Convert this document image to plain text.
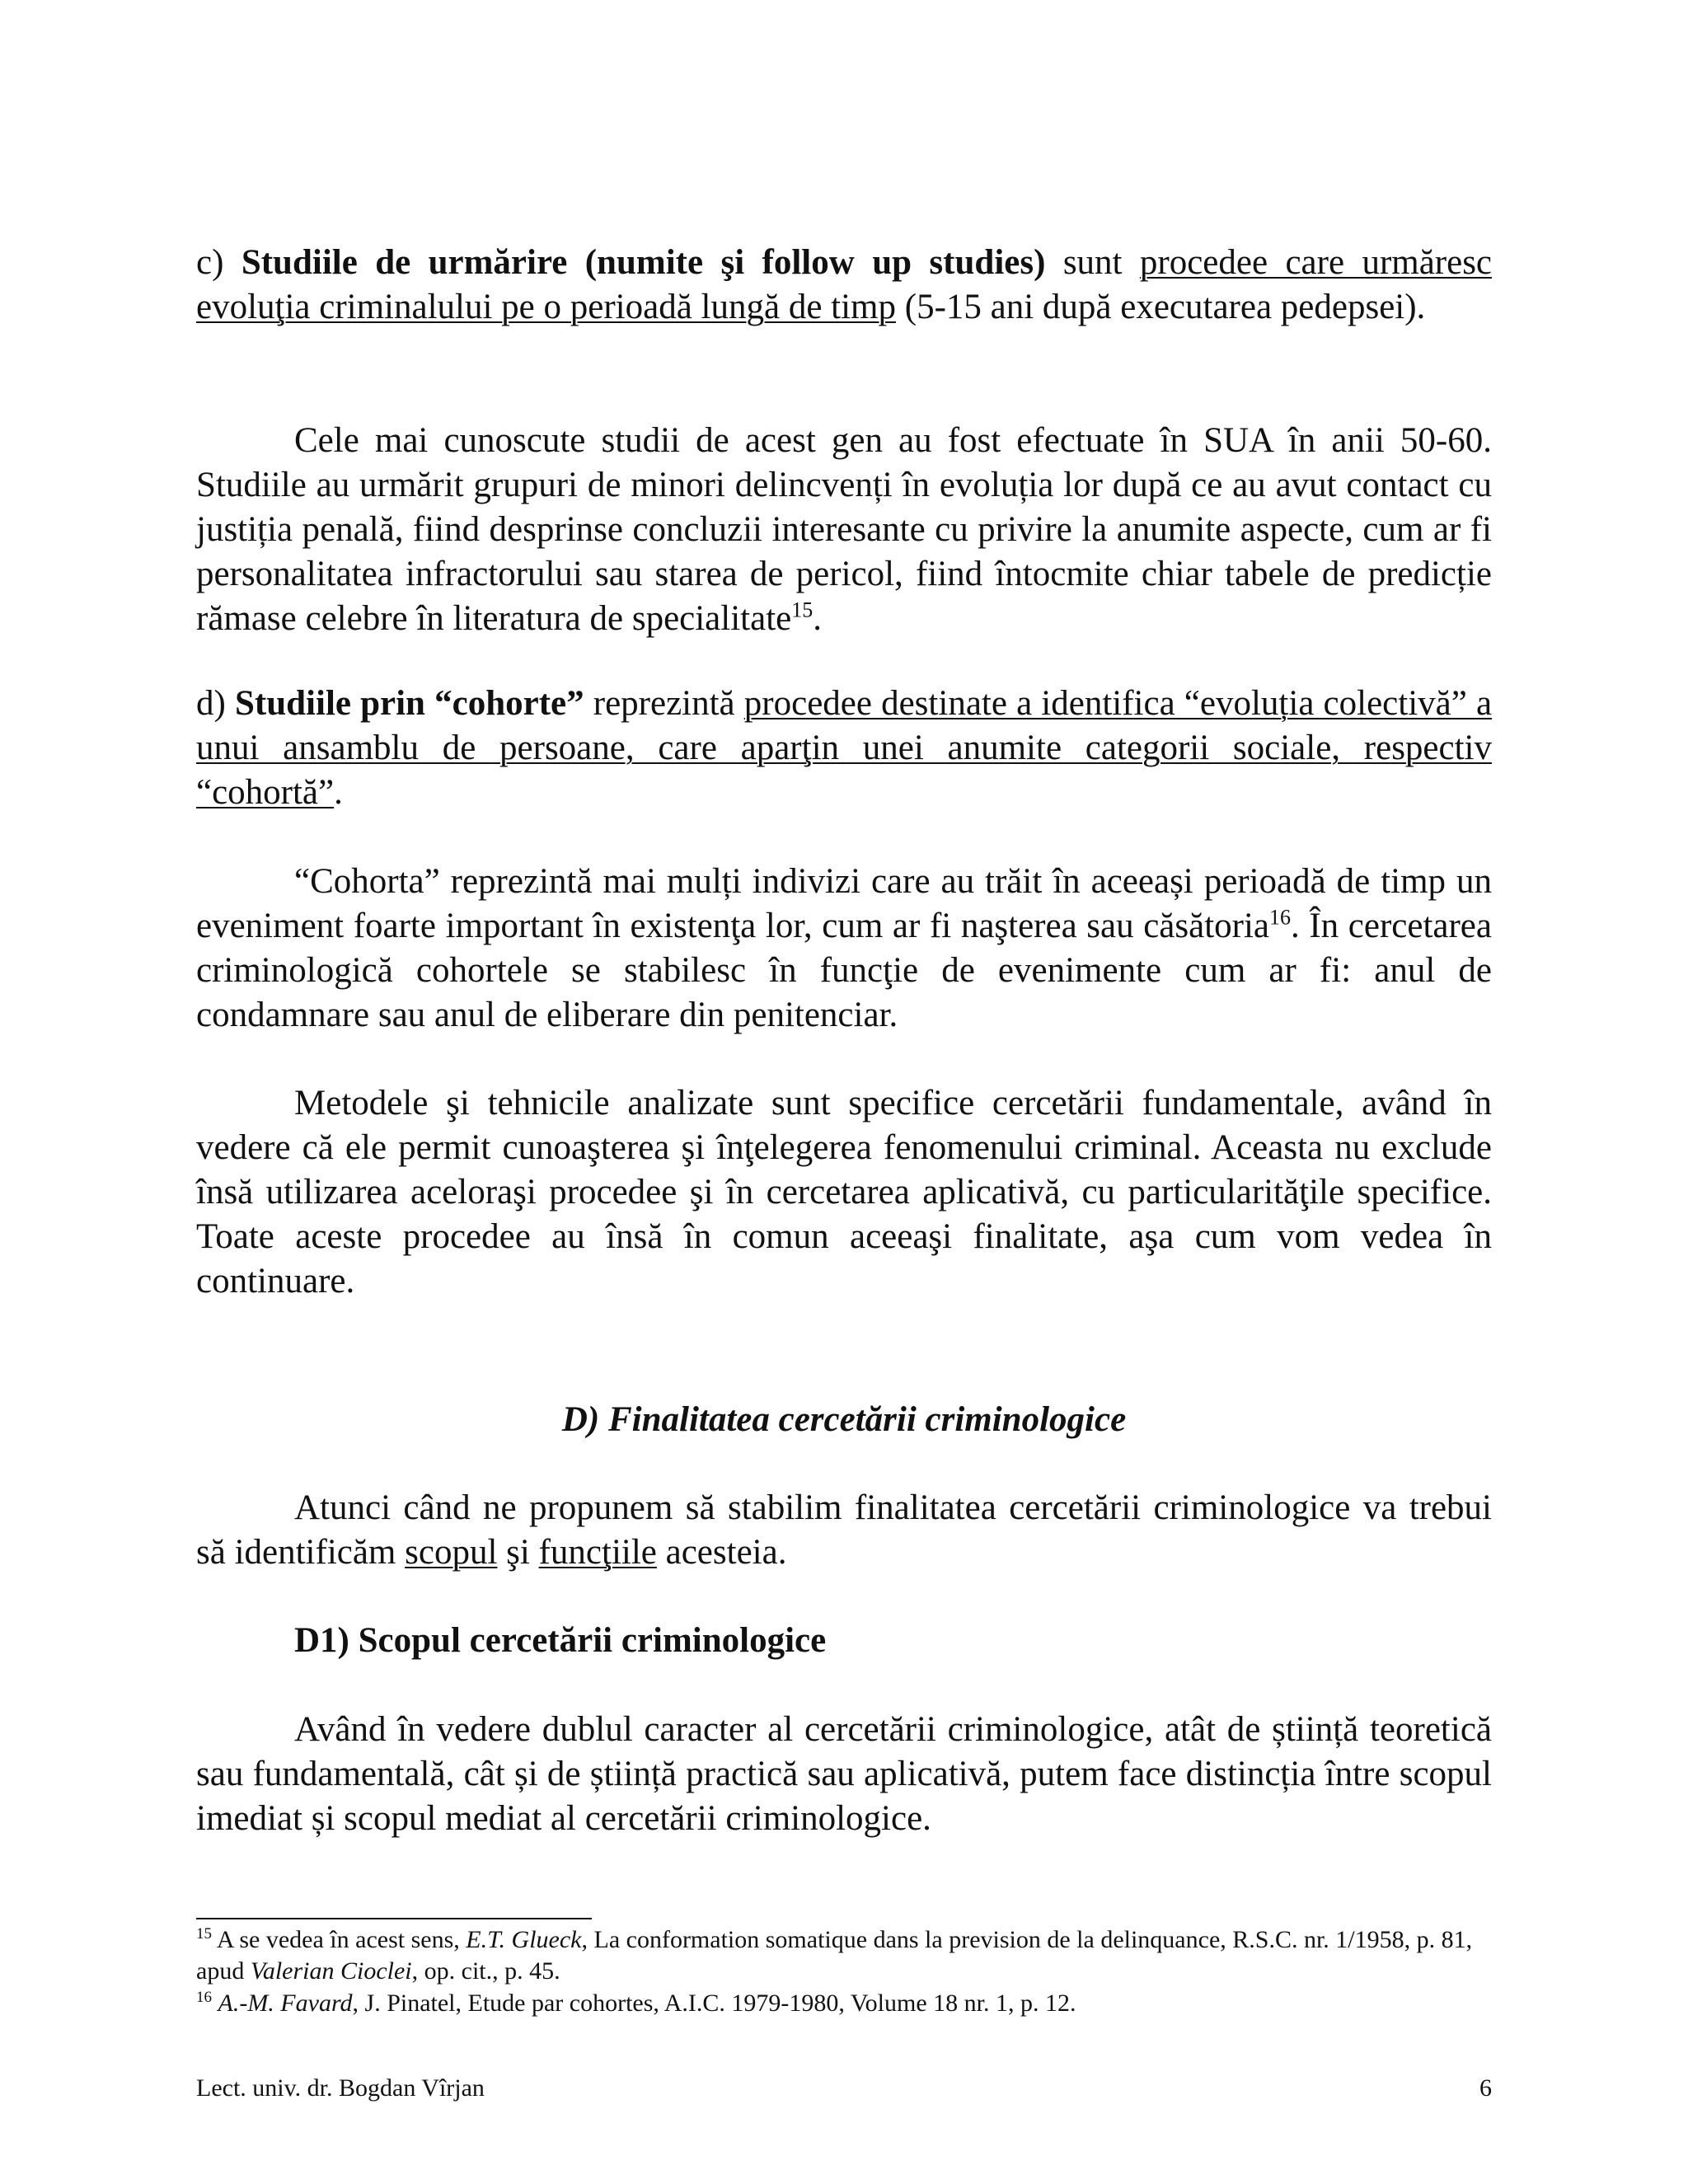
c) Studiile de urmărire (numite şi follow up studies) sunt procedee care urmăresc evoluţia criminalului pe o perioadă lungă de timp (5-15 ani după executarea pedepsei).

Cele mai cunoscute studii de acest gen au fost efectuate în SUA în anii 50-60. Studiile au urmărit grupuri de minori delincvenți în evoluția lor după ce au avut contact cu justiția penală, fiind desprinse concluzii interesante cu privire la anumite aspecte, cum ar fi personalitatea infractorului sau starea de pericol, fiind întocmite chiar tabele de predicție rămase celebre în literatura de specialitate$^{15}$.

d) Studiile prin “cohorte” reprezintă procedee destinate a identifica “evoluția colectivă” a unui ansamblu de persoane, care aparţin unei anumite categorii sociale, respectiv “cohortă”.

“Cohorta” reprezintă mai mulți indivizi care au trăit în aceeași perioadă de timp un eveniment foarte important în existenţa lor, cum ar fi naşterea sau căsătoria$^{16}$. În cercetarea criminologică cohortele se stabilesc în funcţie de evenimente cum ar fi: anul de condamnare sau anul de eliberare din penitenciar.

Metodele şi tehnicile analizate sunt specifice cercetării fundamentale, având în vedere că ele permit cunoaşterea şi înţelegerea fenomenului criminal. Aceasta nu exclude însă utilizarea aceloraşi procedee şi în cercetarea aplicativă, cu particularităţile specifice. Toate aceste procedee au însă în comun aceeaşi finalitate, aşa cum vom vedea în continuare.

D) Finalitatea cercetării criminologice

Atunci când ne propunem să stabilim finalitatea cercetării criminologice va trebui să identificăm scopul şi funcţiile acesteia.

D1) Scopul cercetării criminologice

Având în vedere dublul caracter al cercetării criminologice, atât de știință teoretică sau fundamentală, cât și de știință practică sau aplicativă, putem face distincția între scopul imediat și scopul mediat al cercetării criminologice.

$^{15}$ A se vedea în acest sens, E.T. Glueck, La conformation somatique dans la prevision de la delinquance, R.S.C. nr. 1/1958, p. 81, apud Valerian Cioclei, op. cit., p. 45.

$^{16}$ A.-M. Favard, J. Pinatel, Etude par cohortes, A.I.C. 1979-1980, Volume 18 nr. 1, p. 12.

Lect. univ. dr. Bogdan Vîrjan	6
